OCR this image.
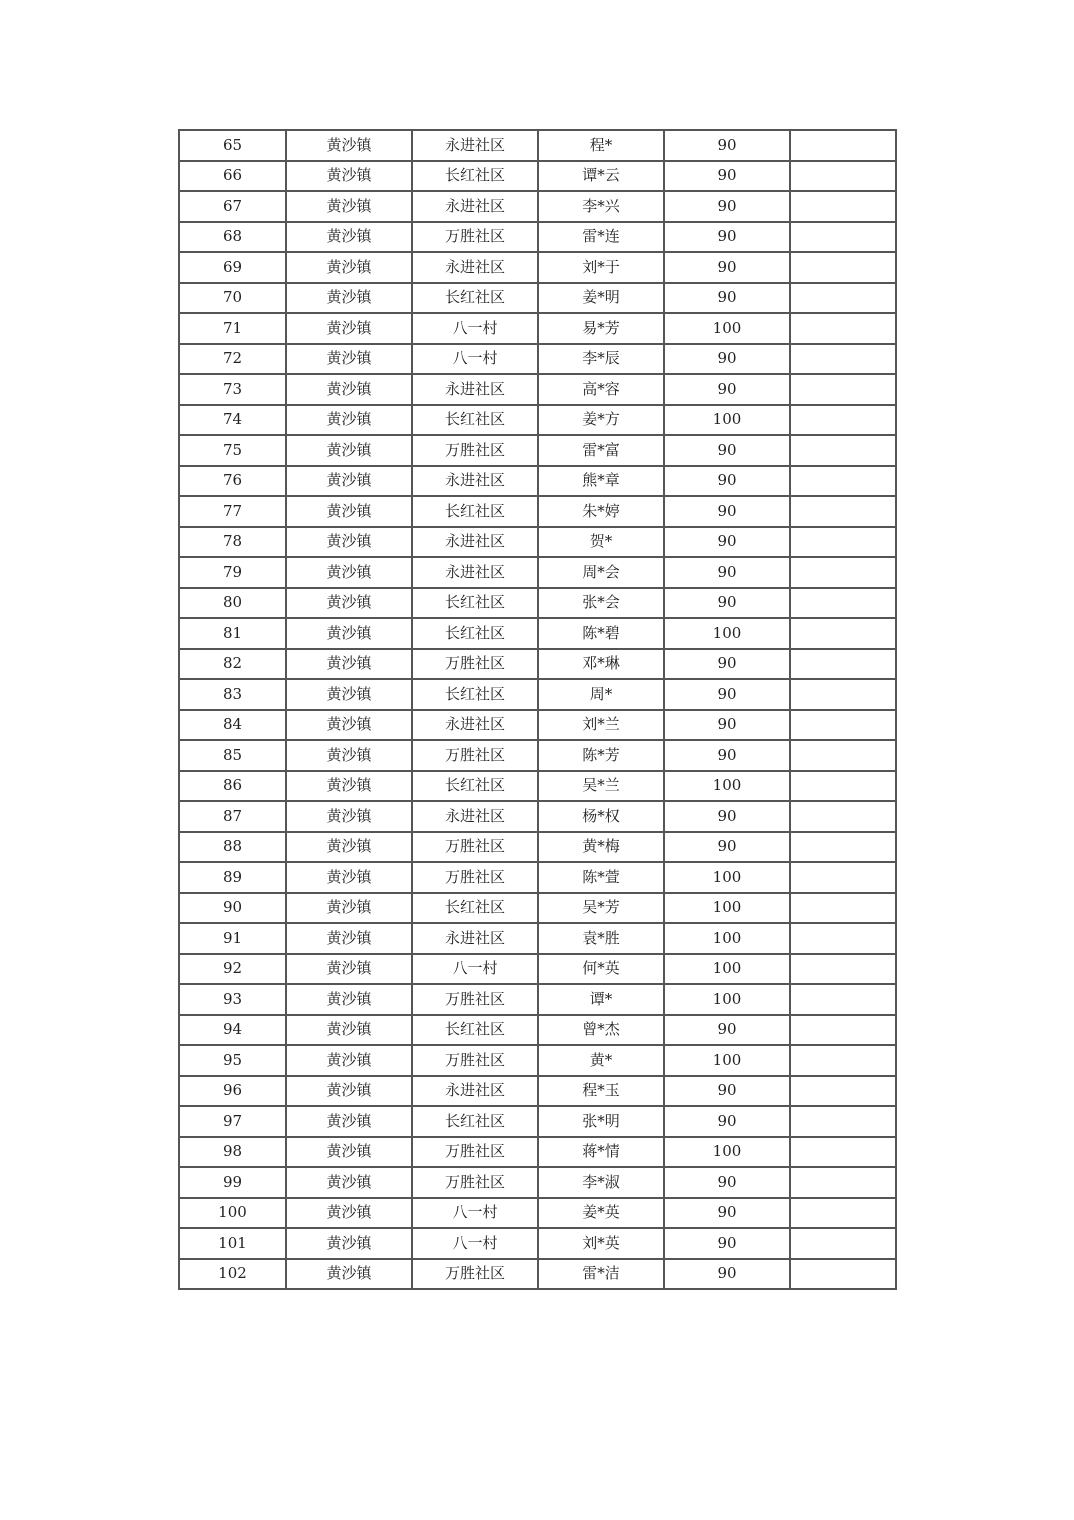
65	黄沙镇	永进社区	程*	90	
66	黄沙镇	长红社区	谭*云	90	
67	黄沙镇	永进社区	李*兴	90	
68	黄沙镇	万胜社区	雷*连	90	
69	黄沙镇	永进社区	刘*于	90	
70	黄沙镇	长红社区	姜*明	90	
71	黄沙镇	八一村	易*芳	100	
72	黄沙镇	八一村	李*辰	90	
73	黄沙镇	永进社区	高*容	90	
74	黄沙镇	长红社区	姜*方	100	
75	黄沙镇	万胜社区	雷*富	90	
76	黄沙镇	永进社区	熊*章	90	
77	黄沙镇	长红社区	朱*婷	90	
78	黄沙镇	永进社区	贺*	90	
79	黄沙镇	永进社区	周*会	90	
80	黄沙镇	长红社区	张*会	90	
81	黄沙镇	长红社区	陈*碧	100	
82	黄沙镇	万胜社区	邓*琳	90	
83	黄沙镇	长红社区	周*	90	
84	黄沙镇	永进社区	刘*兰	90	
85	黄沙镇	万胜社区	陈*芳	90	
86	黄沙镇	长红社区	吴*兰	100	
87	黄沙镇	永进社区	杨*权	90	
88	黄沙镇	万胜社区	黄*梅	90	
89	黄沙镇	万胜社区	陈*萱	100	
90	黄沙镇	长红社区	吴*芳	100	
91	黄沙镇	永进社区	袁*胜	100	
92	黄沙镇	八一村	何*英	100	
93	黄沙镇	万胜社区	谭*	100	
94	黄沙镇	长红社区	曾*杰	90	
95	黄沙镇	万胜社区	黄*	100	
96	黄沙镇	永进社区	程*玉	90	
97	黄沙镇	长红社区	张*明	90	
98	黄沙镇	万胜社区	蒋*情	100	
99	黄沙镇	万胜社区	李*淑	90	
100	黄沙镇	八一村	姜*英	90	
101	黄沙镇	八一村	刘*英	90	
102	黄沙镇	万胜社区	雷*洁	90	
